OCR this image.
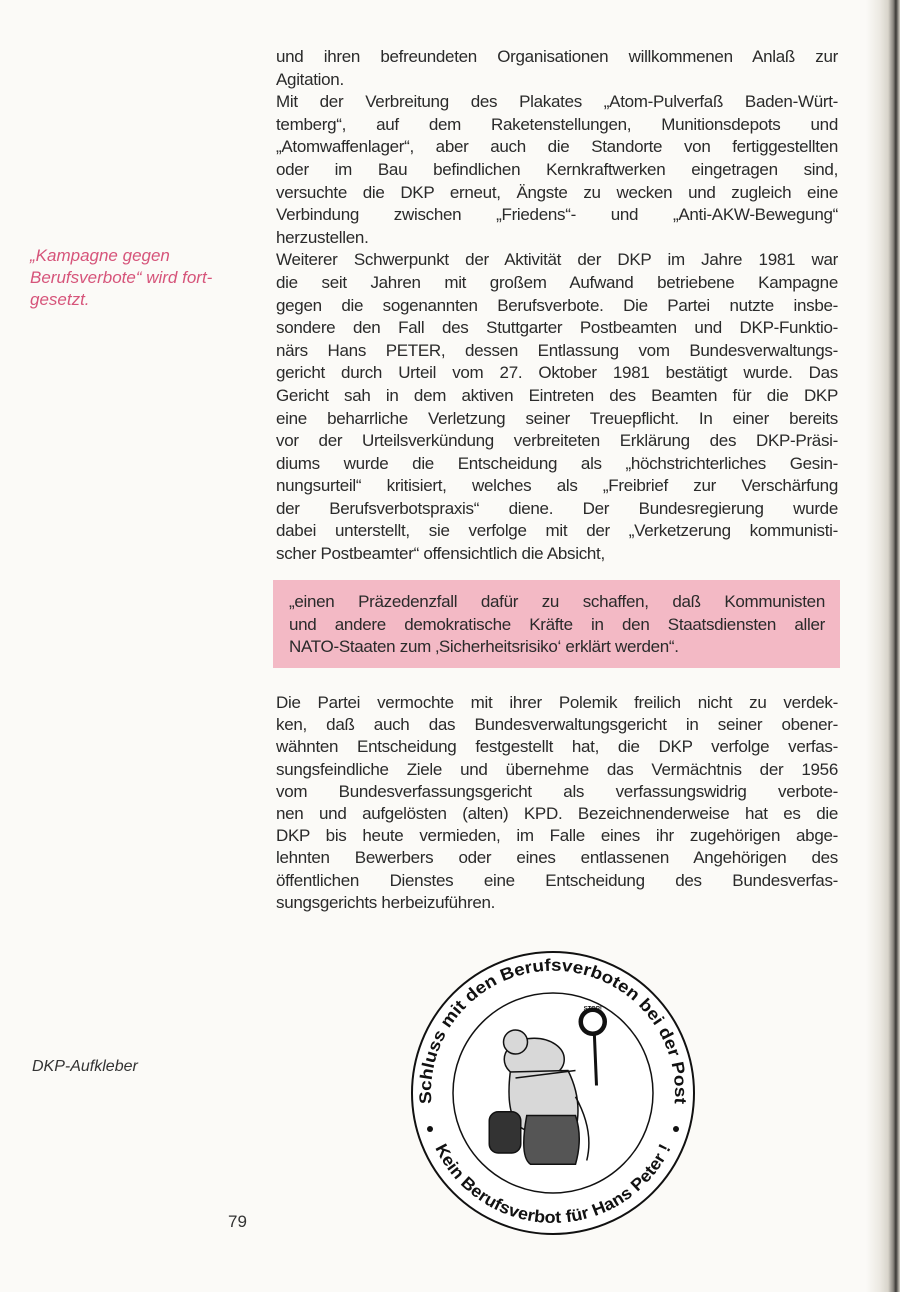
„Kampagne gegen
Berufsverbote“ wird fort-
gesetzt.
und ihren befreundeten Organisationen willkommenen Anlaß zur
Agitation.
Mit der Verbreitung des Plakates „Atom-Pulverfaß Baden-Würt-
temberg“, auf dem Raketenstellungen, Munitionsdepots und
„Atomwaffenlager“, aber auch die Standorte von fertiggestellten
oder im Bau befindlichen Kernkraftwerken eingetragen sind,
versuchte die DKP erneut, Ängste zu wecken und zugleich eine
Verbindung zwischen „Friedens“- und „Anti-AKW-Bewegung“
herzustellen.
Weiterer Schwerpunkt der Aktivität der DKP im Jahre 1981 war
die seit Jahren mit großem Aufwand betriebene Kampagne
gegen die sogenannten Berufsverbote. Die Partei nutzte insbe-
sondere den Fall des Stuttgarter Postbeamten und DKP-Funktio-
närs Hans PETER, dessen Entlassung vom Bundesverwaltungs-
gericht durch Urteil vom 27. Oktober 1981 bestätigt wurde. Das
Gericht sah in dem aktiven Eintreten des Beamten für die DKP
eine beharrliche Verletzung seiner Treuepflicht. In einer bereits
vor der Urteilsverkündung verbreiteten Erklärung des DKP-Präsi-
diums wurde die Entscheidung als „höchstrichterliches Gesin-
nungsurteil“ kritisiert, welches als „Freibrief zur Verschärfung
der Berufsverbotspraxis“ diene. Der Bundesregierung wurde
dabei unterstellt, sie verfolge mit der „Verketzerung kommunisti-
scher Postbeamter“ offensichtlich die Absicht,
„einen Präzedenzfall dafür zu schaffen, daß Kommunisten
und andere demokratische Kräfte in den Staatsdiensten aller
NATO-Staaten zum ‚Sicherheitsrisiko‘ erklärt werden“.
Die Partei vermochte mit ihrer Polemik freilich nicht zu verdek-
ken, daß auch das Bundesverwaltungsgericht in seiner obener-
wähnten Entscheidung festgestellt hat, die DKP verfolge verfas-
sungsfeindliche Ziele und übernehme das Vermächtnis der 1956
vom Bundesverfassungsgericht als verfassungswidrig verbote-
nen und aufgelösten (alten) KPD. Bezeichnenderweise hat es die
DKP bis heute vermieden, im Falle eines ihr zugehörigen abge-
lehnten Bewerbers oder eines entlassenen Angehörigen des
öffentlichen Dienstes eine Entscheidung des Bundesverfas-
sungsgerichts herbeizuführen.
DKP-Aufkleber
79
STOP!
Schluss mit den Berufsverboten bei der Post
Kein Berufsverbot für Hans Peter !
